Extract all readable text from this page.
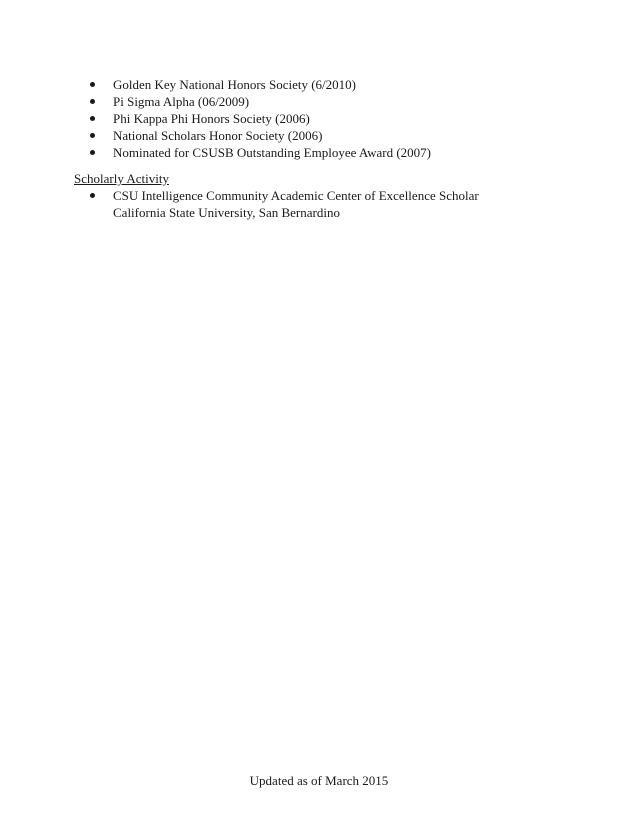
Golden Key National Honors Society (6/2010)
Pi Sigma Alpha (06/2009)
Phi Kappa Phi Honors Society (2006)
National Scholars Honor Society (2006)
Nominated for CSUSB Outstanding Employee Award (2007)
Scholarly Activity
CSU Intelligence Community Academic Center of Excellence Scholar
California State University, San Bernardino
Updated as of March 2015
